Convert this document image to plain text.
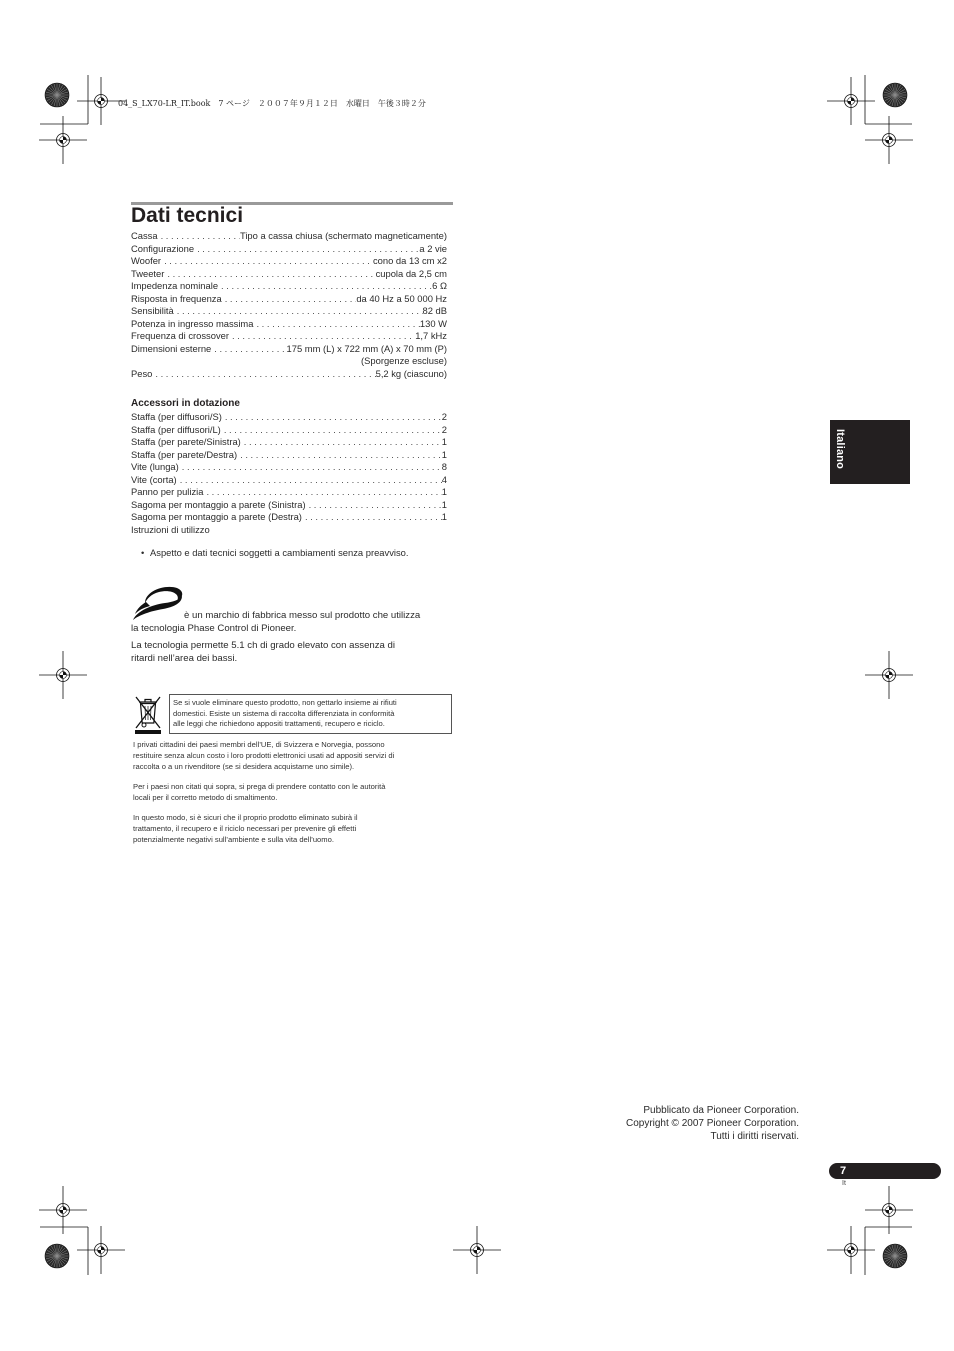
04_S_LX70-LR_IT.book　7 ページ　２００７年９月１２日　水曜日　午後３時２分
Dati tecnici
Cassa . . .	Tipo a cassa chiusa (schermato magneticamente)
Configurazione . . .	a 2 vie
Woofer . . .	cono da 13 cm x2
Tweeter . . .	cupola da 2,5 cm
Impedenza nominale . . .	6 Ω
Risposta in frequenza . . .	da 40 Hz a 50 000 Hz
Sensibilità . . .	82 dB
Potenza in ingresso massima . . .	130 W
Frequenza di crossover . . .	1,7 kHz
Dimensioni esterne . . .	175 mm (L) x 722 mm (A) x 70 mm (P)
(Sporgenze escluse)
Peso . . .	5,2 kg (ciascuno)
Accessori in dotazione
Staffa (per diffusori/S) . . .	2
Staffa (per diffusori/L) . . .	2
Staffa (per parete/Sinistra) . . .	1
Staffa (per parete/Destra) . . .	1
Vite (lunga) . . .	8
Vite (corta) . . .	4
Panno per pulizia . . .	1
Sagoma per montaggio a parete (Sinistra) . . .	1
Sagoma per montaggio a parete (Destra) . . .	1
Istruzioni di utilizzo
• Aspetto e dati tecnici soggetti a cambiamenti senza preavviso.
è un marchio di fabbrica messo sul prodotto che utilizza
la tecnologia Phase Control di Pioneer.
La tecnologia permette 5.1 ch di grado elevato con assenza di
ritardi nell’area dei bassi.
Se si vuole eliminare questo prodotto, non gettarlo insieme ai rifiuti
domestici. Esiste un sistema di raccolta differenziata in conformità
alle leggi che richiedono appositi trattamenti, recupero e riciclo.
I privati cittadini dei paesi membri dell’UE, di Svizzera e Norvegia, possono
restituire senza alcun costo i loro prodotti elettronici usati ad appositi servizi di
raccolta o a un rivenditore (se si desidera acquistarne uno simile).
Per i paesi non citati qui sopra, si prega di prendere contatto con le autorità
locali per il corretto metodo di smaltimento.
In questo modo, si è sicuri che il proprio prodotto eliminato subirà il
trattamento, il recupero e il riciclo necessari per prevenire gli effetti
potenzialmente negativi sull’ambiente e sulla vita dell’uomo.
Italiano
Pubblicato da Pioneer Corporation.
Copyright © 2007 Pioneer Corporation.
Tutti i diritti riservati.
7
It
